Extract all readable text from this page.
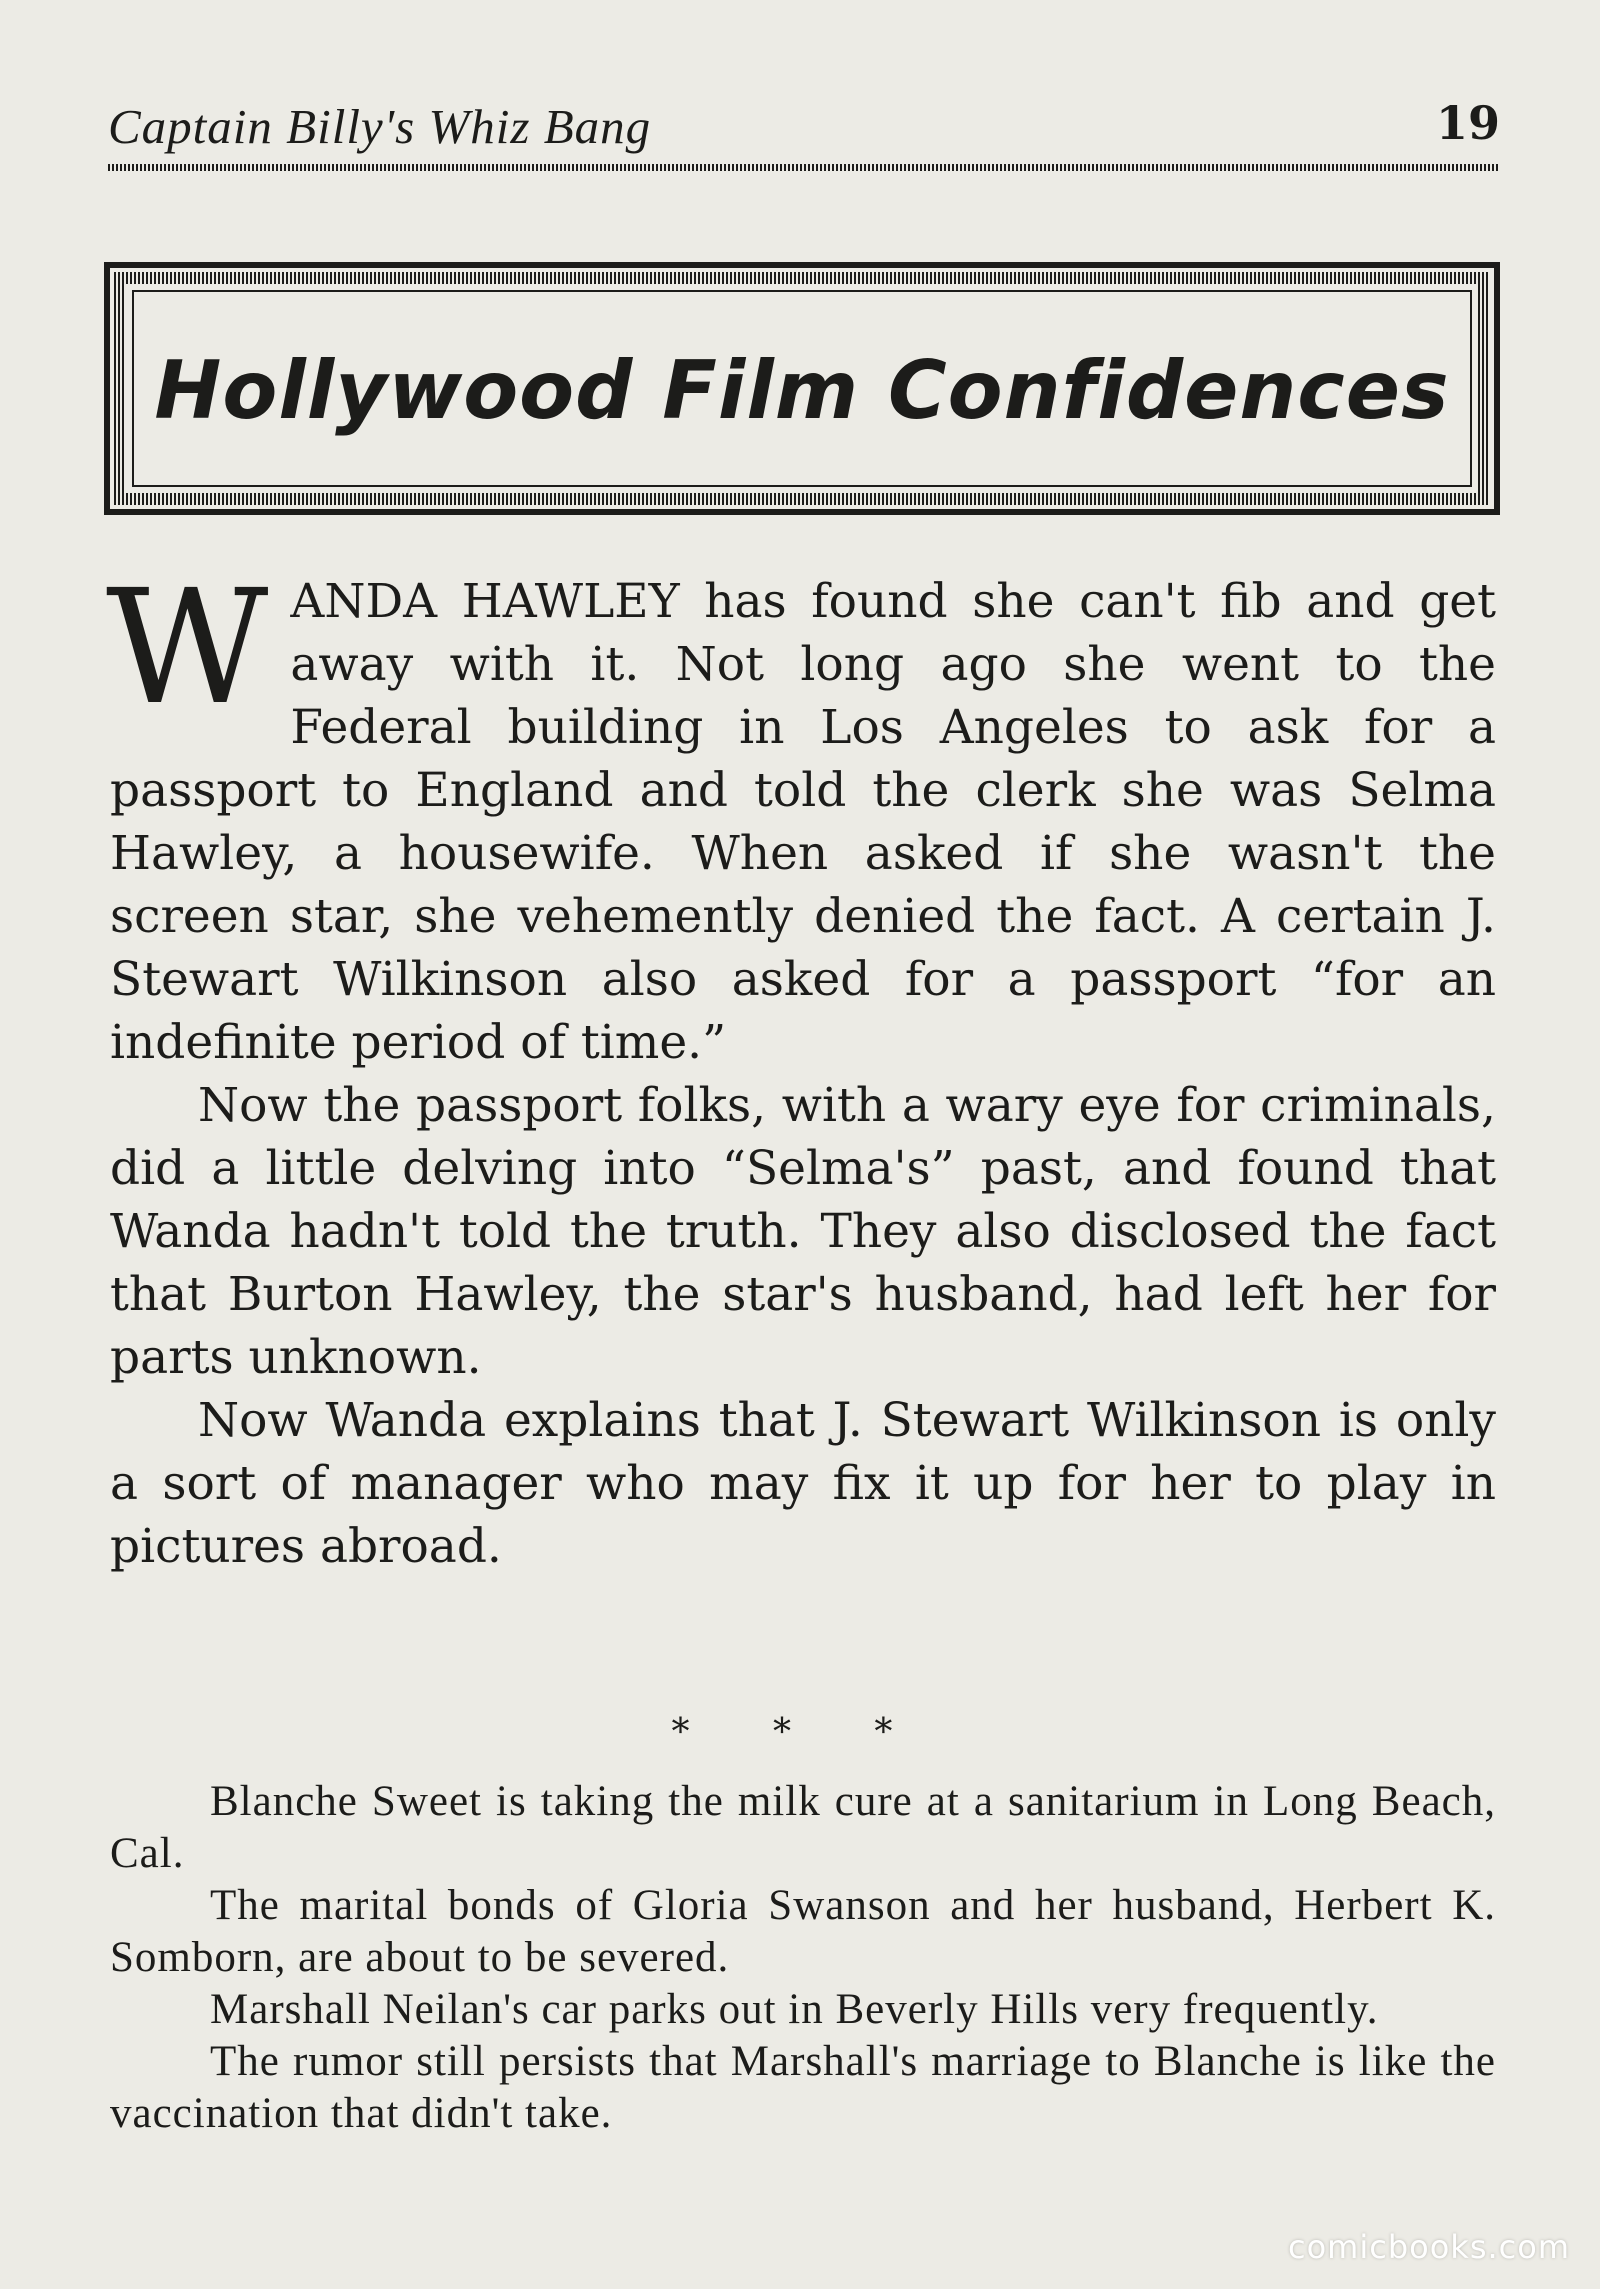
Captain Billy's Whiz Bang	19
Hollywood Film Confidences

WANDA HAWLEY has found she can't fib and get away with it. Not long ago she went to the Federal building in Los Angeles to ask for a passport to England and told the clerk she was Selma Hawley, a housewife. When asked if she wasn't the screen star, she vehemently denied the fact. A certain J. Stewart Wilkinson also asked for a passport “for an indefinite period of time.”

Now the passport folks, with a wary eye for criminals, did a little delving into “Selma's” past, and found that Wanda hadn't told the truth. They also disclosed the fact that Burton Hawley, the star's husband, had left her for parts unknown.

Now Wanda explains that J. Stewart Wilkinson is only a sort of manager who may fix it up for her to play in pictures abroad.

* * *

Blanche Sweet is taking the milk cure at a sanitarium in Long Beach, Cal.

The marital bonds of Gloria Swanson and her husband, Herbert K. Somborn, are about to be severed.

Marshall Neilan's car parks out in Beverly Hills very frequently.

The rumor still persists that Marshall's marriage to Blanche is like the vaccination that didn't take.

comicbooks.com
